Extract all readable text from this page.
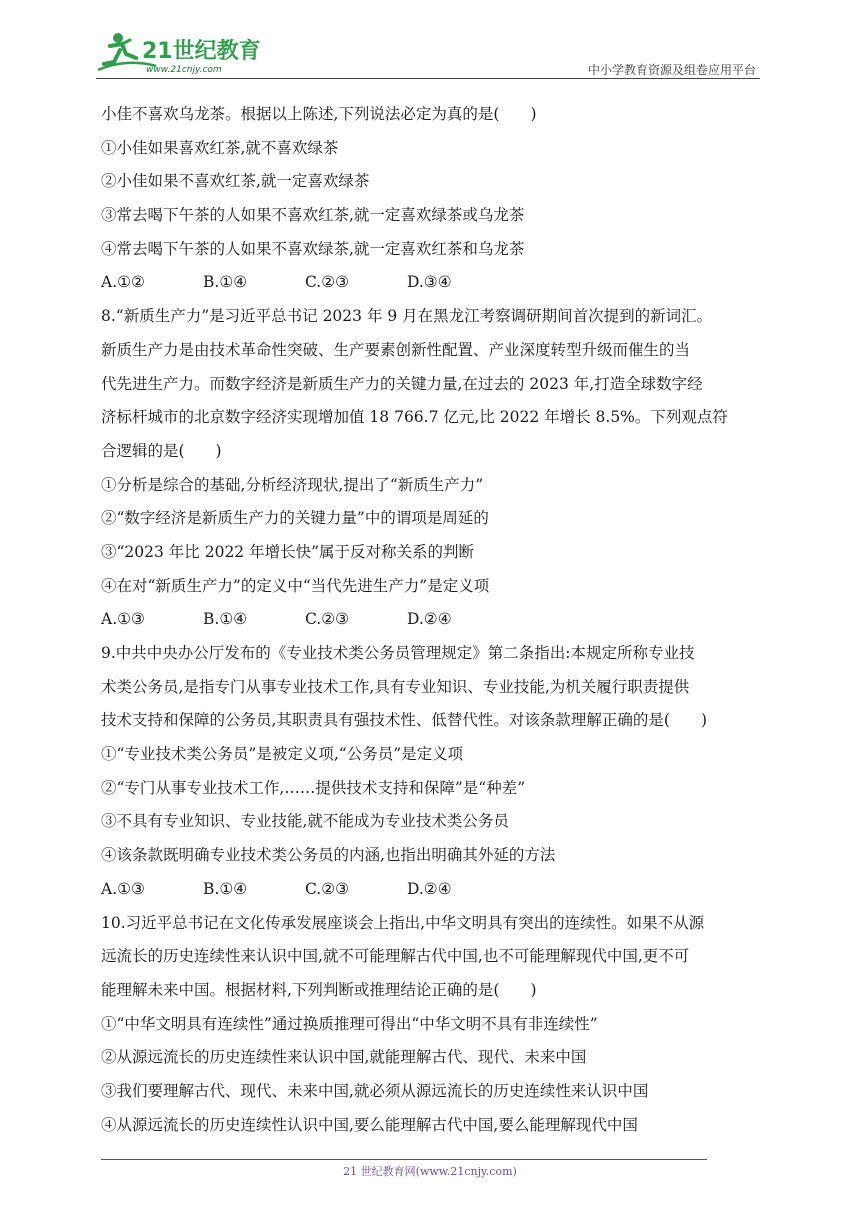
21世纪教育
www.21cnjy.com	中小学教育资源及组卷应用平台
小佳不喜欢乌龙茶。根据以上陈述,下列说法必定为真的是(　　)
①小佳如果喜欢红茶,就不喜欢绿茶
②小佳如果不喜欢红茶,就一定喜欢绿茶
③常去喝下午茶的人如果不喜欢红茶,就一定喜欢绿茶或乌龙茶
④常去喝下午茶的人如果不喜欢绿茶,就一定喜欢红茶和乌龙茶
A.①②	B.①④	C.②③	D.③④
8.“新质生产力”是习近平总书记 2023 年 9 月在黑龙江考察调研期间首次提到的新词汇。
新质生产力是由技术革命性突破、生产要素创新性配置、产业深度转型升级而催生的当
代先进生产力。而数字经济是新质生产力的关键力量,在过去的 2023 年,打造全球数字经
济标杆城市的北京数字经济实现增加值 18 766.7 亿元,比 2022 年增长 8.5%。下列观点符
合逻辑的是(　　)
①分析是综合的基础,分析经济现状,提出了“新质生产力”
②“数字经济是新质生产力的关键力量”中的谓项是周延的
③“2023 年比 2022 年增长快”属于反对称关系的判断
④在对“新质生产力”的定义中“当代先进生产力”是定义项
A.①③	B.①④	C.②③	D.②④
9.中共中央办公厅发布的《专业技术类公务员管理规定》第二条指出:本规定所称专业技
术类公务员,是指专门从事专业技术工作,具有专业知识、专业技能,为机关履行职责提供
技术支持和保障的公务员,其职责具有强技术性、低替代性。对该条款理解正确的是(　　)
①“专业技术类公务员”是被定义项,“公务员”是定义项
②“专门从事专业技术工作,……提供技术支持和保障”是“种差”
③不具有专业知识、专业技能,就不能成为专业技术类公务员
④该条款既明确专业技术类公务员的内涵,也指出明确其外延的方法
A.①③	B.①④	C.②③	D.②④
10.习近平总书记在文化传承发展座谈会上指出,中华文明具有突出的连续性。如果不从源
远流长的历史连续性来认识中国,就不可能理解古代中国,也不可能理解现代中国,更不可
能理解未来中国。根据材料,下列判断或推理结论正确的是(　　)
①“中华文明具有连续性”通过换质推理可得出“中华文明不具有非连续性”
②从源远流长的历史连续性来认识中国,就能理解古代、现代、未来中国
③我们要理解古代、现代、未来中国,就必须从源远流长的历史连续性来认识中国
④从源远流长的历史连续性认识中国,要么能理解古代中国,要么能理解现代中国
21 世纪教育网(www.21cnjy.com)
